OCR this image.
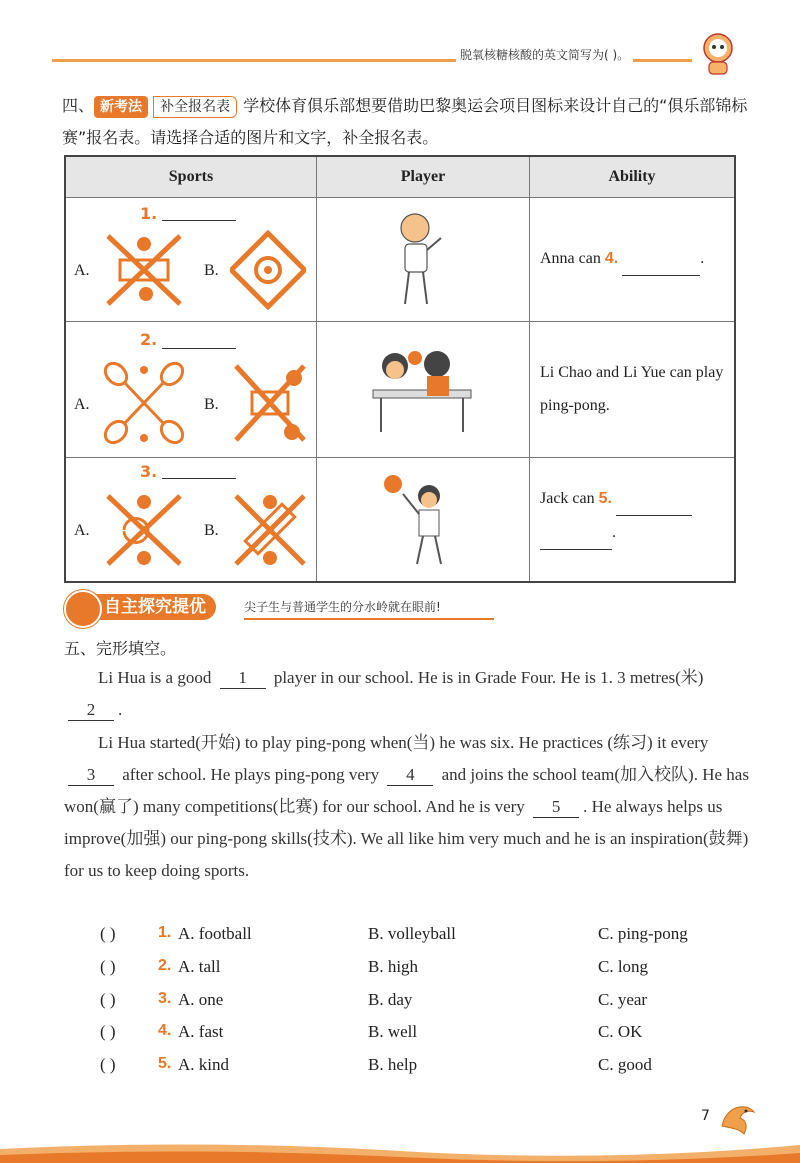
脱氧核糖核酸的英文简写为( )。
四、 新考法 补全报名表 学校体育俱乐部想要借助巴黎奥运会项目图标来设计自己的“俱乐部锦标赛”报名表。请选择合适的图片和文字，补全报名表。
Sports	Player	Ability

1.
A. B.		Anna can 4. .

2.
A. B.		Li Chao and Li Yue can play ping-pong.

3.
A. B.		Jack can 5.
.
自主探究提优	尖子生与普通学生的分水岭就在眼前!
五、完形填空。
Li Hua is a good 1 player in our school. He is in Grade Four. He is 1. 3 metres(米) 2 .
Li Hua started(开始) to play ping-pong when(当) he was six. He practices (练习) it every 3 after school. He plays ping-pong very 4 and joins the school team(加入校队). He has won(赢了) many competitions(比赛) for our school. And he is very 5 . He always helps us improve(加强) our ping-pong skills(技术). We all like him very much and he is an inspiration(鼓舞) for us to keep doing sports.
( )	1. A. football	B. volleyball	C. ping-pong
( )	2. A. tall	B. high	C. long
( )	3. A. one	B. day	C. year
( )	4. A. fast	B. well	C. OK
( )	5. A. kind	B. help	C. good
7
